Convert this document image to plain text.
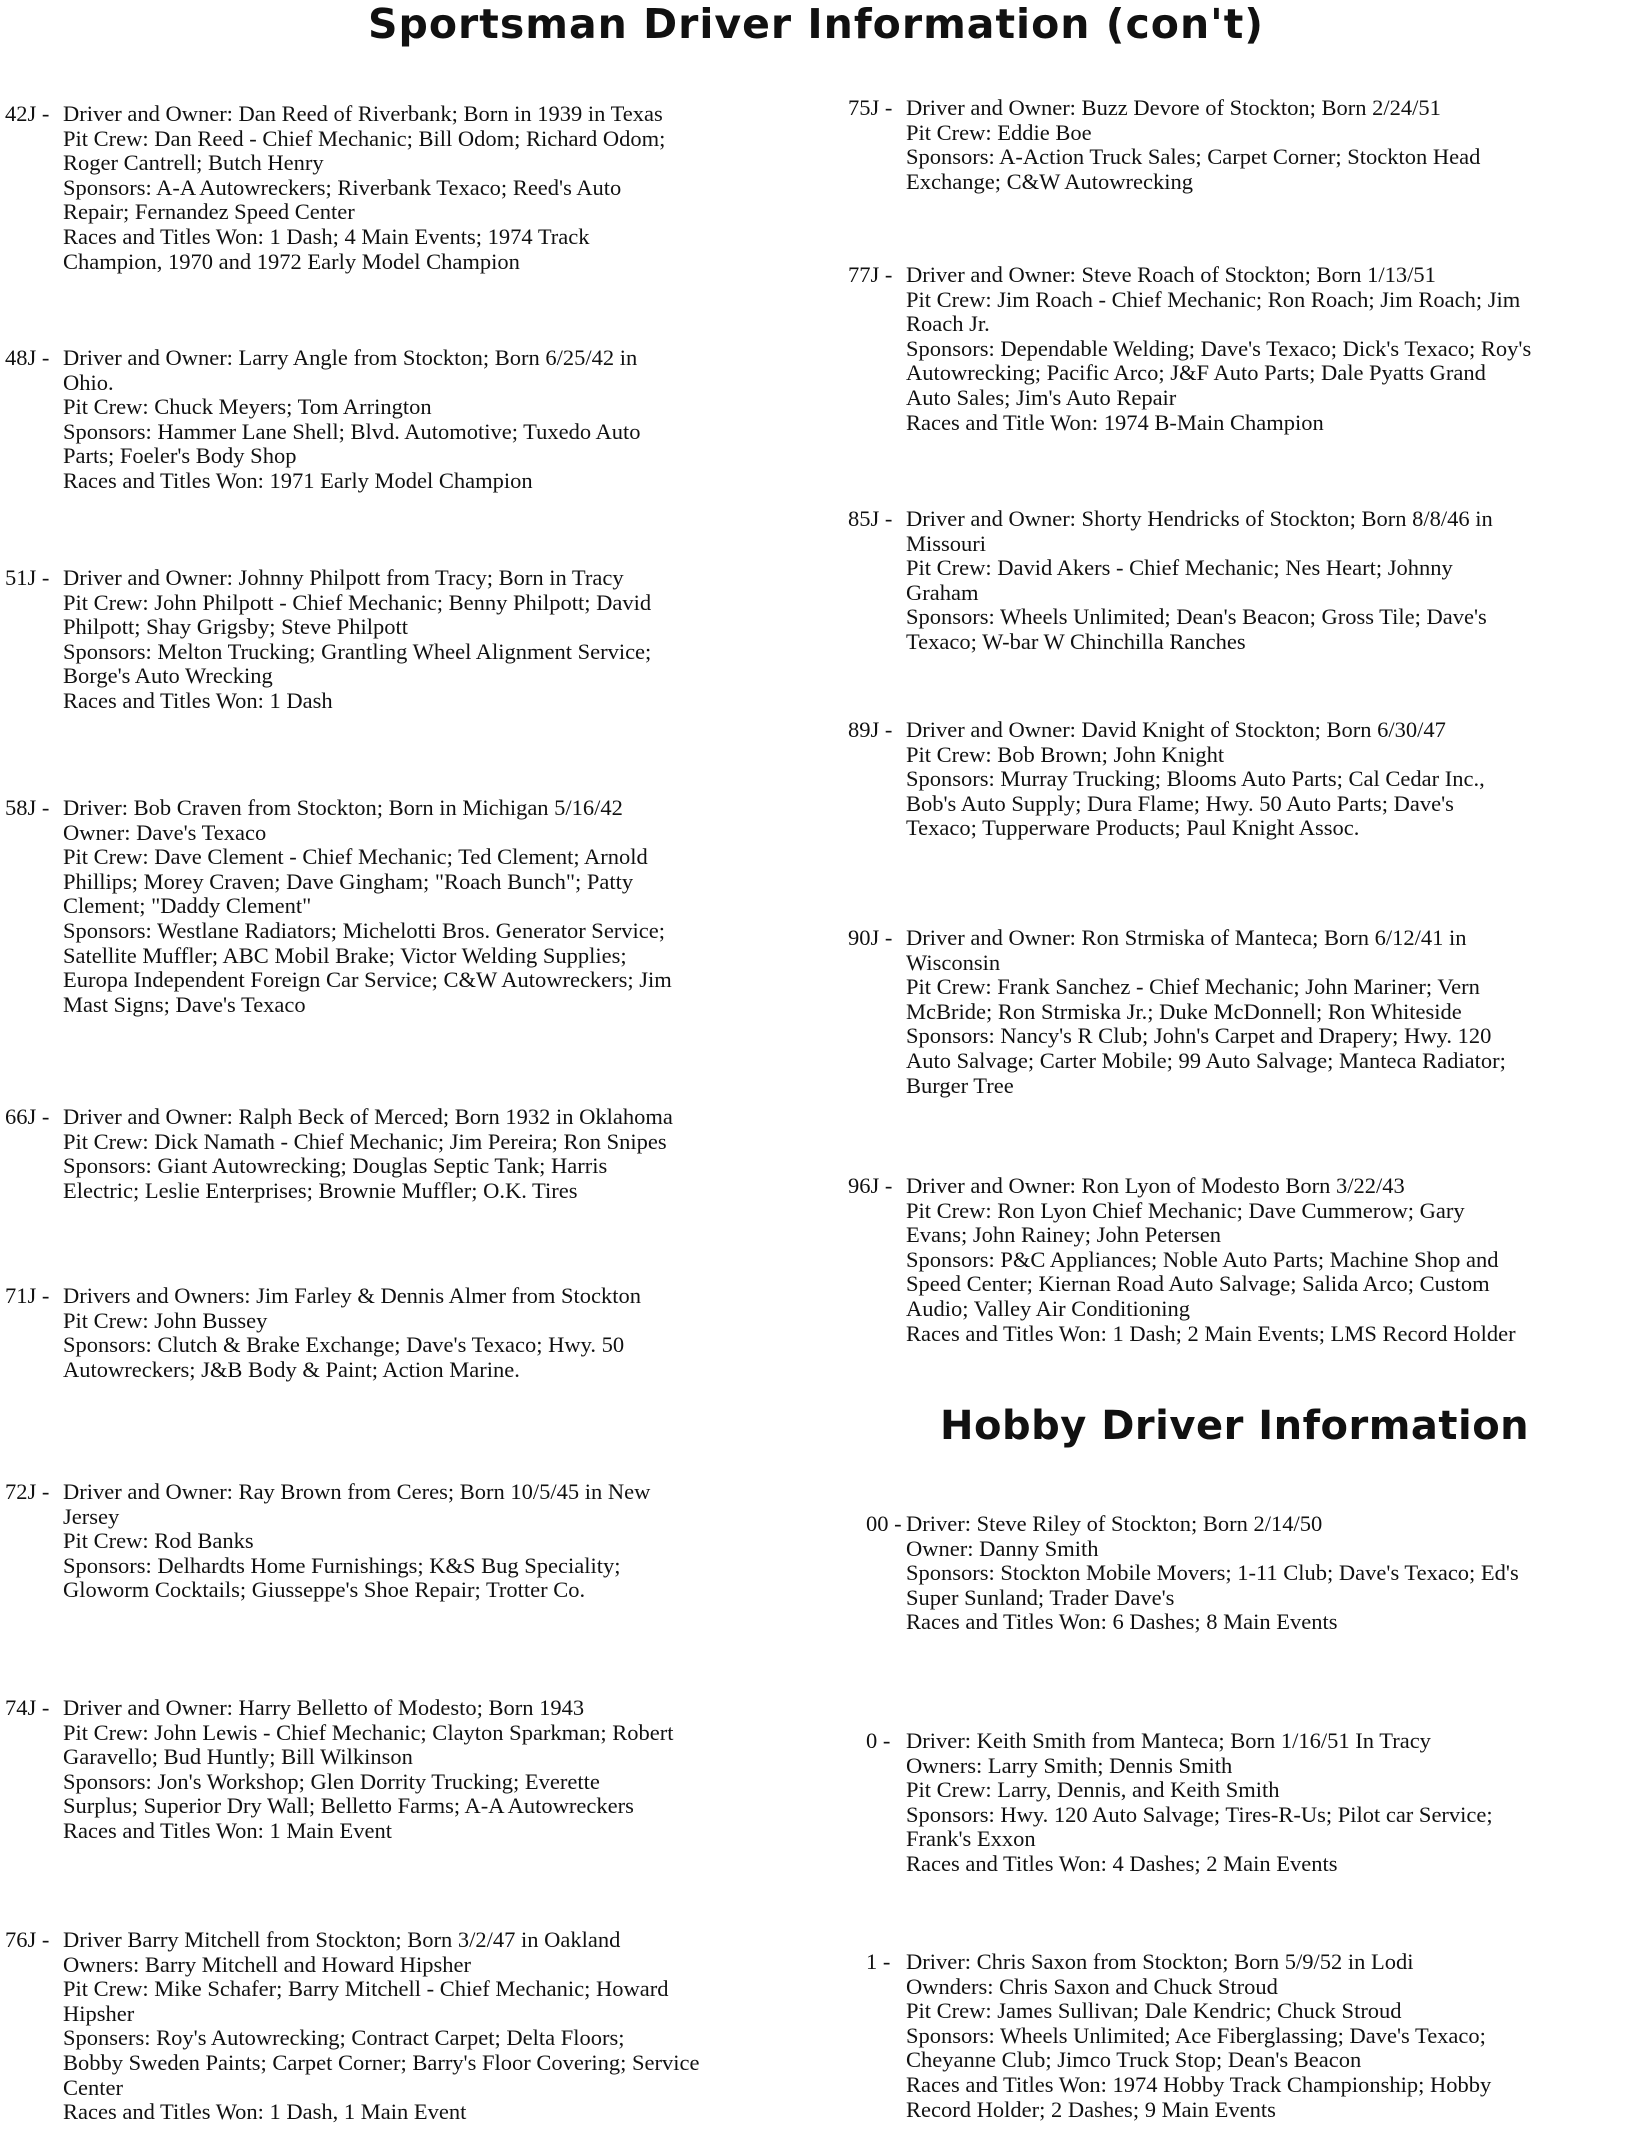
Sportsman Driver Information (con't)
Hobby Driver Information
42J - Driver and Owner: Dan Reed of Riverbank; Born in 1939 in Texas
Pit Crew: Dan Reed - Chief Mechanic; Bill Odom; Richard Odom;
Roger Cantrell; Butch Henry
Sponsors: A-A Autowreckers; Riverbank Texaco; Reed's Auto
Repair; Fernandez Speed Center
Races and Titles Won: 1 Dash; 4 Main Events; 1974 Track
Champion, 1970 and 1972 Early Model Champion
48J - Driver and Owner: Larry Angle from Stockton; Born 6/25/42 in
Ohio.
Pit Crew: Chuck Meyers; Tom Arrington
Sponsors: Hammer Lane Shell; Blvd. Automotive; Tuxedo Auto
Parts; Foeler's Body Shop
Races and Titles Won: 1971 Early Model Champion
51J - Driver and Owner: Johnny Philpott from Tracy; Born in Tracy
Pit Crew: John Philpott - Chief Mechanic; Benny Philpott; David
Philpott; Shay Grigsby; Steve Philpott
Sponsors: Melton Trucking; Grantling Wheel Alignment Service;
Borge's Auto Wrecking
Races and Titles Won: 1 Dash
58J - Driver: Bob Craven from Stockton; Born in Michigan 5/16/42
Owner: Dave's Texaco
Pit Crew: Dave Clement - Chief Mechanic; Ted Clement; Arnold
Phillips; Morey Craven; Dave Gingham; "Roach Bunch"; Patty
Clement; "Daddy Clement"
Sponsors: Westlane Radiators; Michelotti Bros. Generator Service;
Satellite Muffler; ABC Mobil Brake; Victor Welding Supplies;
Europa Independent Foreign Car Service; C&W Autowreckers; Jim
Mast Signs; Dave's Texaco
66J - Driver and Owner: Ralph Beck of Merced; Born 1932 in Oklahoma
Pit Crew: Dick Namath - Chief Mechanic; Jim Pereira; Ron Snipes
Sponsors: Giant Autowrecking; Douglas Septic Tank; Harris
Electric; Leslie Enterprises; Brownie Muffler; O.K. Tires
71J - Drivers and Owners: Jim Farley & Dennis Almer from Stockton
Pit Crew: John Bussey
Sponsors: Clutch & Brake Exchange; Dave's Texaco; Hwy. 50
Autowreckers; J&B Body & Paint; Action Marine.
72J - Driver and Owner: Ray Brown from Ceres; Born 10/5/45 in New
Jersey
Pit Crew: Rod Banks
Sponsors: Delhardts Home Furnishings; K&S Bug Speciality;
Gloworm Cocktails; Giusseppe's Shoe Repair; Trotter Co.
74J - Driver and Owner: Harry Belletto of Modesto; Born 1943
Pit Crew: John Lewis - Chief Mechanic; Clayton Sparkman; Robert
Garavello; Bud Huntly; Bill Wilkinson
Sponsors: Jon's Workshop; Glen Dorrity Trucking; Everette
Surplus; Superior Dry Wall; Belletto Farms; A-A Autowreckers
Races and Titles Won: 1 Main Event
76J - Driver Barry Mitchell from Stockton; Born 3/2/47 in Oakland
Owners: Barry Mitchell and Howard Hipsher
Pit Crew: Mike Schafer; Barry Mitchell - Chief Mechanic; Howard
Hipsher
Sponsers: Roy's Autowrecking; Contract Carpet; Delta Floors;
Bobby Sweden Paints; Carpet Corner; Barry's Floor Covering; Service
Center
Races and Titles Won: 1 Dash, 1 Main Event
75J - Driver and Owner: Buzz Devore of Stockton; Born 2/24/51
Pit Crew: Eddie Boe
Sponsors: A-Action Truck Sales; Carpet Corner; Stockton Head
Exchange; C&W Autowrecking
77J - Driver and Owner: Steve Roach of Stockton; Born 1/13/51
Pit Crew: Jim Roach - Chief Mechanic; Ron Roach; Jim Roach; Jim
Roach Jr.
Sponsors: Dependable Welding; Dave's Texaco; Dick's Texaco; Roy's
Autowrecking; Pacific Arco; J&F Auto Parts; Dale Pyatts Grand
Auto Sales; Jim's Auto Repair
Races and Title Won: 1974 B-Main Champion
85J - Driver and Owner: Shorty Hendricks of Stockton; Born 8/8/46 in
Missouri
Pit Crew: David Akers - Chief Mechanic; Nes Heart; Johnny
Graham
Sponsors: Wheels Unlimited; Dean's Beacon; Gross Tile; Dave's
Texaco; W-bar W Chinchilla Ranches
89J - Driver and Owner: David Knight of Stockton; Born 6/30/47
Pit Crew: Bob Brown; John Knight
Sponsors: Murray Trucking; Blooms Auto Parts; Cal Cedar Inc.,
Bob's Auto Supply; Dura Flame; Hwy. 50 Auto Parts; Dave's
Texaco; Tupperware Products; Paul Knight Assoc.
90J - Driver and Owner: Ron Strmiska of Manteca; Born 6/12/41 in
Wisconsin
Pit Crew: Frank Sanchez - Chief Mechanic; John Mariner; Vern
McBride; Ron Strmiska Jr.; Duke McDonnell; Ron Whiteside
Sponsors: Nancy's R Club; John's Carpet and Drapery; Hwy. 120
Auto Salvage; Carter Mobile; 99 Auto Salvage; Manteca Radiator;
Burger Tree
96J - Driver and Owner: Ron Lyon of Modesto Born 3/22/43
Pit Crew: Ron Lyon Chief Mechanic; Dave Cummerow; Gary
Evans; John Rainey; John Petersen
Sponsors: P&C Appliances; Noble Auto Parts; Machine Shop and
Speed Center; Kiernan Road Auto Salvage; Salida Arco; Custom
Audio; Valley Air Conditioning
Races and Titles Won: 1 Dash; 2 Main Events; LMS Record Holder
00 - Driver: Steve Riley of Stockton; Born 2/14/50
Owner: Danny Smith
Sponsors: Stockton Mobile Movers; 1-11 Club; Dave's Texaco; Ed's
Super Sunland; Trader Dave's
Races and Titles Won: 6 Dashes; 8 Main Events
0 - Driver: Keith Smith from Manteca; Born 1/16/51 In Tracy
Owners: Larry Smith; Dennis Smith
Pit Crew: Larry, Dennis, and Keith Smith
Sponsors: Hwy. 120 Auto Salvage; Tires-R-Us; Pilot car Service;
Frank's Exxon
Races and Titles Won: 4 Dashes; 2 Main Events
1 - Driver: Chris Saxon from Stockton; Born 5/9/52 in Lodi
Ownders: Chris Saxon and Chuck Stroud
Pit Crew: James Sullivan; Dale Kendric; Chuck Stroud
Sponsors: Wheels Unlimited; Ace Fiberglassing; Dave's Texaco;
Cheyanne Club; Jimco Truck Stop; Dean's Beacon
Races and Titles Won: 1974 Hobby Track Championship; Hobby
Record Holder; 2 Dashes; 9 Main Events
